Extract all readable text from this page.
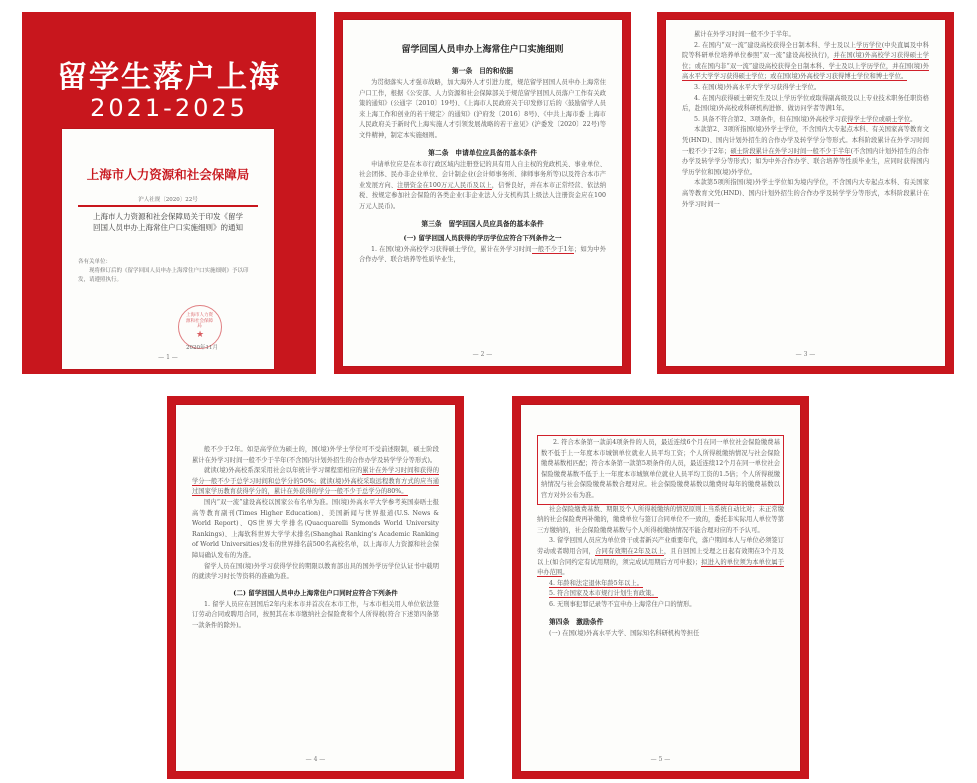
留学生落户上海
2021-2025
上海市人力资源和社会保障局
沪人社规〔2020〕22号
上海市人力资源和社会保障局关于印发《留学回国人员申办上海常住户口实施细则》的通知
各有关单位：
现将修订后的《留学回国人员申办上海常住户口实施细则》予以印发，请遵照执行。
上海市人力资源和社会保障局
★
2020年11月
— 1 —
留学回国人员申办上海常住户口实施细则
第一条　目的和依据
为贯彻落实人才强市战略，加大海外人才引进力度，规范留学回国人员申办上海常住户口工作，根据《公安部、人力资源和社会保障部关于规范留学回国人员落户工作有关政策的通知》(公通字〔2010〕19号)、《上海市人民政府关于印发修订后的〈鼓励留学人员来上海工作和创业的若干规定〉的通知》(沪府发〔2016〕8号)、《中共上海市委 上海市人民政府关于新时代上海实施人才引领发展战略的若干意见》(沪委发〔2020〕22号)等文件精神，制定本实施细则。
第二条　申请单位应具备的基本条件
申请单位应是在本市行政区域内注册登记的具有用人自主权的党政机关、事业单位、社会团体、民办非企业单位、会计制企业(会计师事务所、律师事务所等)以及符合本市产业发展方向、注册资金在100万元人民币及以上，信誉良好，并在本市正常经营、依法纳税、按规定参加社会保险的各类企业(非企业法人分支机构其上级法人注册资金应在100万元人民币)。
第三条　留学回国人员应具备的基本条件
(一) 留学回国人员获得的学历学位应符合下列条件之一
1. 在国(境)外高校学习获得硕士学位，累计在外学习时间一般不少于1年；如为中外合作办学、联合培养等性质毕业生，
— 2 —
累计在外学习时间一般不少于半年。
2. 在国内“双一流”建设高校获得全日制本科、学士及以上学历学位(中央直属及中科院等科研单位培养单位参照“双一流”建设高校执行)，并在国(境)外高校学习获得硕士学位；或在国内非“双一流”建设高校获得全日制本科、学士及以上学历学位，并在国(境)外高水平大学学习获得硕士学位；或在国(境)外高校学习获得博士学位和博士学位。
3. 在国(境)外高水平大学学习获得学士学位。
4. 在国内获得硕士研究生及以上学历学位或取得副高级及以上专业技术职务任职资格后，赴国(境)外高校或科研机构进修、做访问学者等满1年。
5. 具备不符合第2、3项条件，但在国(境)外高校学习获得学士学位或硕士学位。
本款第2、3项所指国(境)外学士学位，不含国内大专起点本科、有关国家高等教育文凭(HND)、国内计划外招生的合作办学及转学学分等形式。本科阶段累计在外学习时间一般不少于2年；硕士阶段累计在外学习时间一般不少于半年(不含国内计划外招生的合作办学及转学学分等形式)；如为中外合作办学、联合培养等性质毕业生，应同时获得国内学历学位和国(境)外学位。
本款第5项所指国(境)外学士学位如为境内学位，不含国内大专起点本科、有关国家高等教育文凭(HND)、国内计划外招生的合作办学及转学学分等形式，本科阶段累计在外学习时间一
— 3 —
般不少于2年。如是高学位为硕士的，国(境)外学士学位可不受前述限制，硕士阶段累计在外学习时间一般不少于半年(不含国内计划外招生的合作办学及转学学分等形式)。
就读(境)外高校系深采用社会以年统计学习课程需相应的累计在外学习时间和获得的学分一般不少于总学习时间和总学分的50%；就读(境)外高校采取远程教育方式的应当通过国家学历教育获得学分的，累计在外获得的学分一般不少于总学分的80%。
国内“双一流”建设高校以国家公布名单为准。国(境)外高水平大学参考英国泰晤士报高等教育副刊(Times Higher Education)、美国新闻与世界报道(U.S. News & World Report)、QS世界大学排名(Quacquarelli Symonds World University Rankings)、上海软科世界大学学术排名(Shanghai Ranking's Academic Ranking of World Universities)发布的世界排名前500名高校名单，以上海市人力资源和社会保障局确认发布的为准。
留学人员在国(境)外学习获得学位的期限以教育部出具的国外学历学位认证书中载明的就读学习时长等资料的准确为准。
(二) 留学回国人员申办上海常住户口同时应符合下列条件
1. 留学人员应在回国后2年内来本市并首次在本市工作，与本市相关用人单位依法签订劳动合同或聘用合同，按照其在本市缴纳社会保险费和个人所得税(符合下述第四条第一款条件的除外)。
— 4 —
2. 符合本条第一款前4项条件的人员，最近连续6个月在同一单位社会保险缴费基数不低于上一年度本市城镇单位就业人员平均工资；个人所得税缴纳情况与社会保险缴费基数相匹配；符合本条第一款第5项条件的人员，最近连续12个月在同一单位社会保险缴费基数不低于上一年度本市城镇单位就业人员平均工资的1.5倍；个人所得税缴纳情况与社会保险缴费基数合理对应。社会保险缴费基数以缴费时每年的缴费基数以官方对外公布为准。
社会保险缴费基数、期限及个人所得税缴纳的情况原则上当系统自动比对；未正常缴纳的社会保险费再补缴的，缴费单位与签订合同单位不一致的，委托非实际用人单位等第三方缴纳的，社会保险缴费基数与个人所得税缴纳情况不能合理对应的不予认可。
3. 留学回国人员应为单位骨干或者新兴产业重要年代，落户期间本人与单位必须签订劳动或者聘用合同，合同有效期在2年及以上，且自回国上受理之日起有效期在3个月及以上(如合同约定有试用期的，须完成试用期后方可申报)；拟进入的单位须为本单位属于申办范围。
4. 年龄和法定退休年龄5年以上。
5. 符合国家及本市规行计划生育政策。
6. 无刑事犯罪记录等不宜申办上海常住户口的情形。
第四条　激励条件
(一) 在国(境)外高水平大学、国际知名科研机构等担任
— 5 —
